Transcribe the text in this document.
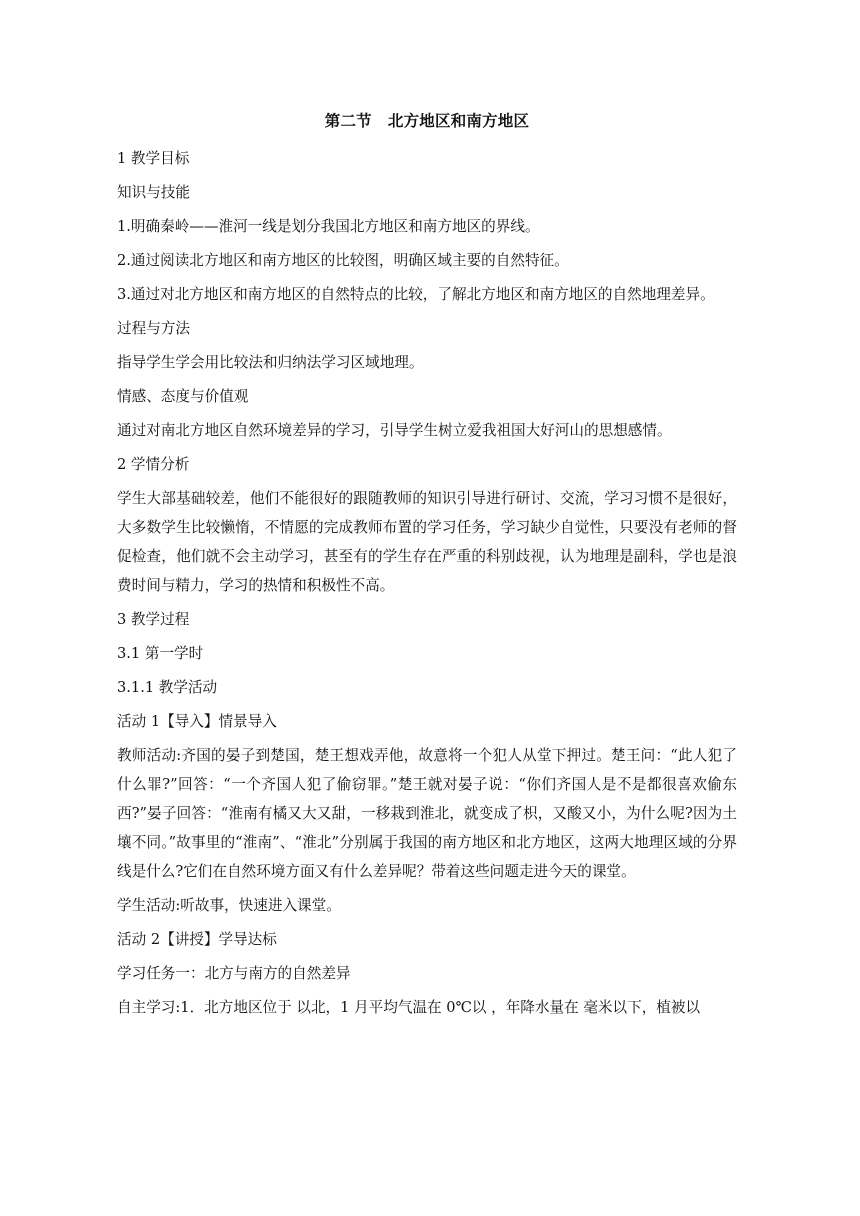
第二节 北方地区和南方地区

1 教学目标

知识与技能

1.明确秦岭——淮河一线是划分我国北方地区和南方地区的界线。

2.通过阅读北方地区和南方地区的比较图，明确区域主要的自然特征。

3.通过对北方地区和南方地区的自然特点的比较，了解北方地区和南方地区的自然地理差异。

过程与方法

指导学生学会用比较法和归纳法学习区域地理。

情感、态度与价值观

通过对南北方地区自然环境差异的学习，引导学生树立爱我祖国大好河山的思想感情。

2 学情分析

学生大部基础较差，他们不能很好的跟随教师的知识引导进行研讨、交流，学习习惯不是很好，大多数学生比较懒惰，不情愿的完成教师布置的学习任务，学习缺少自觉性，只要没有老师的督促检查，他们就不会主动学习，甚至有的学生存在严重的科别歧视，认为地理是副科，学也是浪费时间与精力，学习的热情和积极性不高。

3 教学过程

3.1 第一学时

3.1.1 教学活动

活动 1【导入】情景导入

教师活动:齐国的晏子到楚国，楚王想戏弄他，故意将一个犯人从堂下押过。楚王问：“此人犯了什么罪?”回答：“一个齐国人犯了偷窃罪。”楚王就对晏子说：“你们齐国人是不是都很喜欢偷东西?”晏子回答：“淮南有橘又大又甜，一移栽到淮北，就变成了枳，又酸又小，为什么呢?因为土壤不同。”故事里的“淮南”、“淮北”分别属于我国的南方地区和北方地区，这两大地理区域的分界线是什么?它们在自然环境方面又有什么差异呢？带着这些问题走进今天的课堂。

学生活动:听故事，快速进入课堂。

活动 2【讲授】学导达标

学习任务一：北方与南方的自然差异

自主学习:1．北方地区位于 以北，1 月平均气温在 0℃以 ，年降水量在 毫米以下，植被以
